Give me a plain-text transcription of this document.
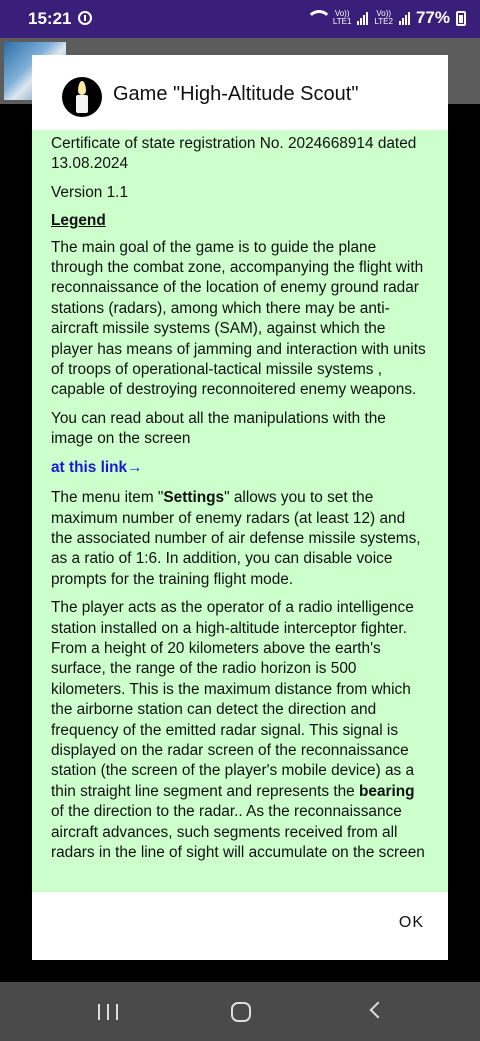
15:21	Vo))
LTE1
Vo))
LTE2 77%
Game "High-Altitude Scout"

Certificate of state registration No. 2024668914 dated 13.08.2024

Version 1.1

Legend

The main goal of the game is to guide the plane through the combat zone, accompanying the flight with reconnaissance of the location of enemy ground radar stations (radars), among which there may be anti-aircraft missile systems (SAM), against which the player has means of jamming and interaction with units of troops of operational-tactical missile systems , capable of destroying reconnoitered enemy weapons.

You can read about all the manipulations with the image on the screen

at this link→

The menu item "Settings" allows you to set the maximum number of enemy radars (at least 12) and the associated number of air defense missile systems, as a ratio of 1:6. In addition, you can disable voice prompts for the training flight mode.

The player acts as the operator of a radio intelligence station installed on a high-altitude interceptor fighter. From a height of 20 kilometers above the earth's surface, the range of the radio horizon is 500 kilometers. This is the maximum distance from which the airborne station can detect the direction and frequency of the emitted radar signal. This signal is displayed on the radar screen of the reconnaissance station (the screen of the player's mobile device) as a thin straight line segment and represents the bearing of the direction to the radar.. As the reconnaissance aircraft advances, such segments received from all radars in the line of sight will accumulate on the screen

OK
